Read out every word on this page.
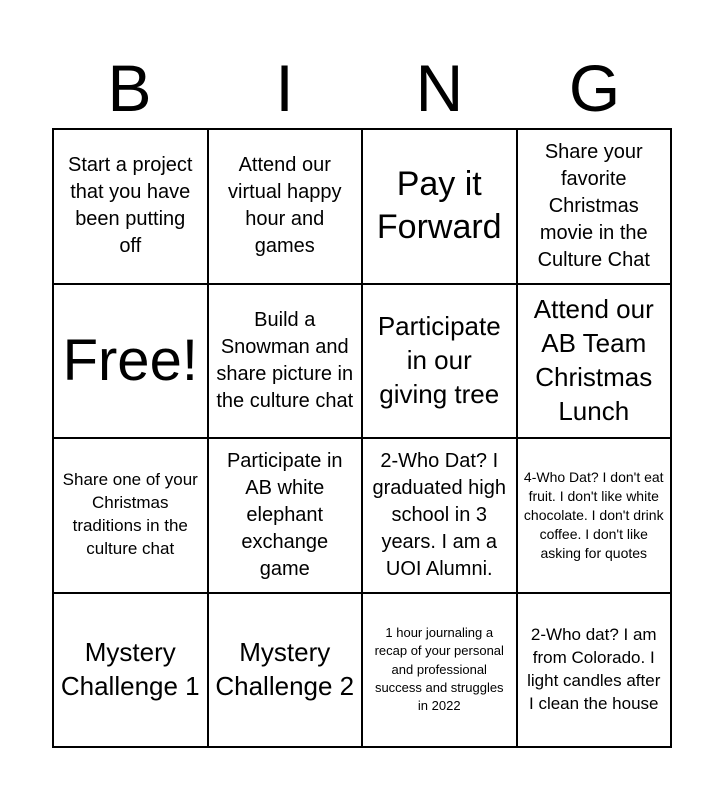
B	I	N	G
Start a project that you have been putting off
Attend our virtual happy hour and games
Pay it Forward
Share your favorite Christmas movie in the Culture Chat
Free!
Build a Snowman and share picture in the culture chat
Participate in our giving tree
Attend our AB Team Christmas Lunch
Share one of your Christmas traditions in the culture chat
Participate in AB white elephant exchange game
2-Who Dat? I graduated high school in 3 years. I am a UOI Alumni.
4-Who Dat? I don't eat fruit. I don't like white chocolate. I don't drink coffee. I don't like asking for quotes
Mystery Challenge 1
Mystery Challenge 2
1 hour journaling a recap of your personal and professional success and struggles in 2022
2-Who dat? I am from Colorado. I light candles after I clean the house
